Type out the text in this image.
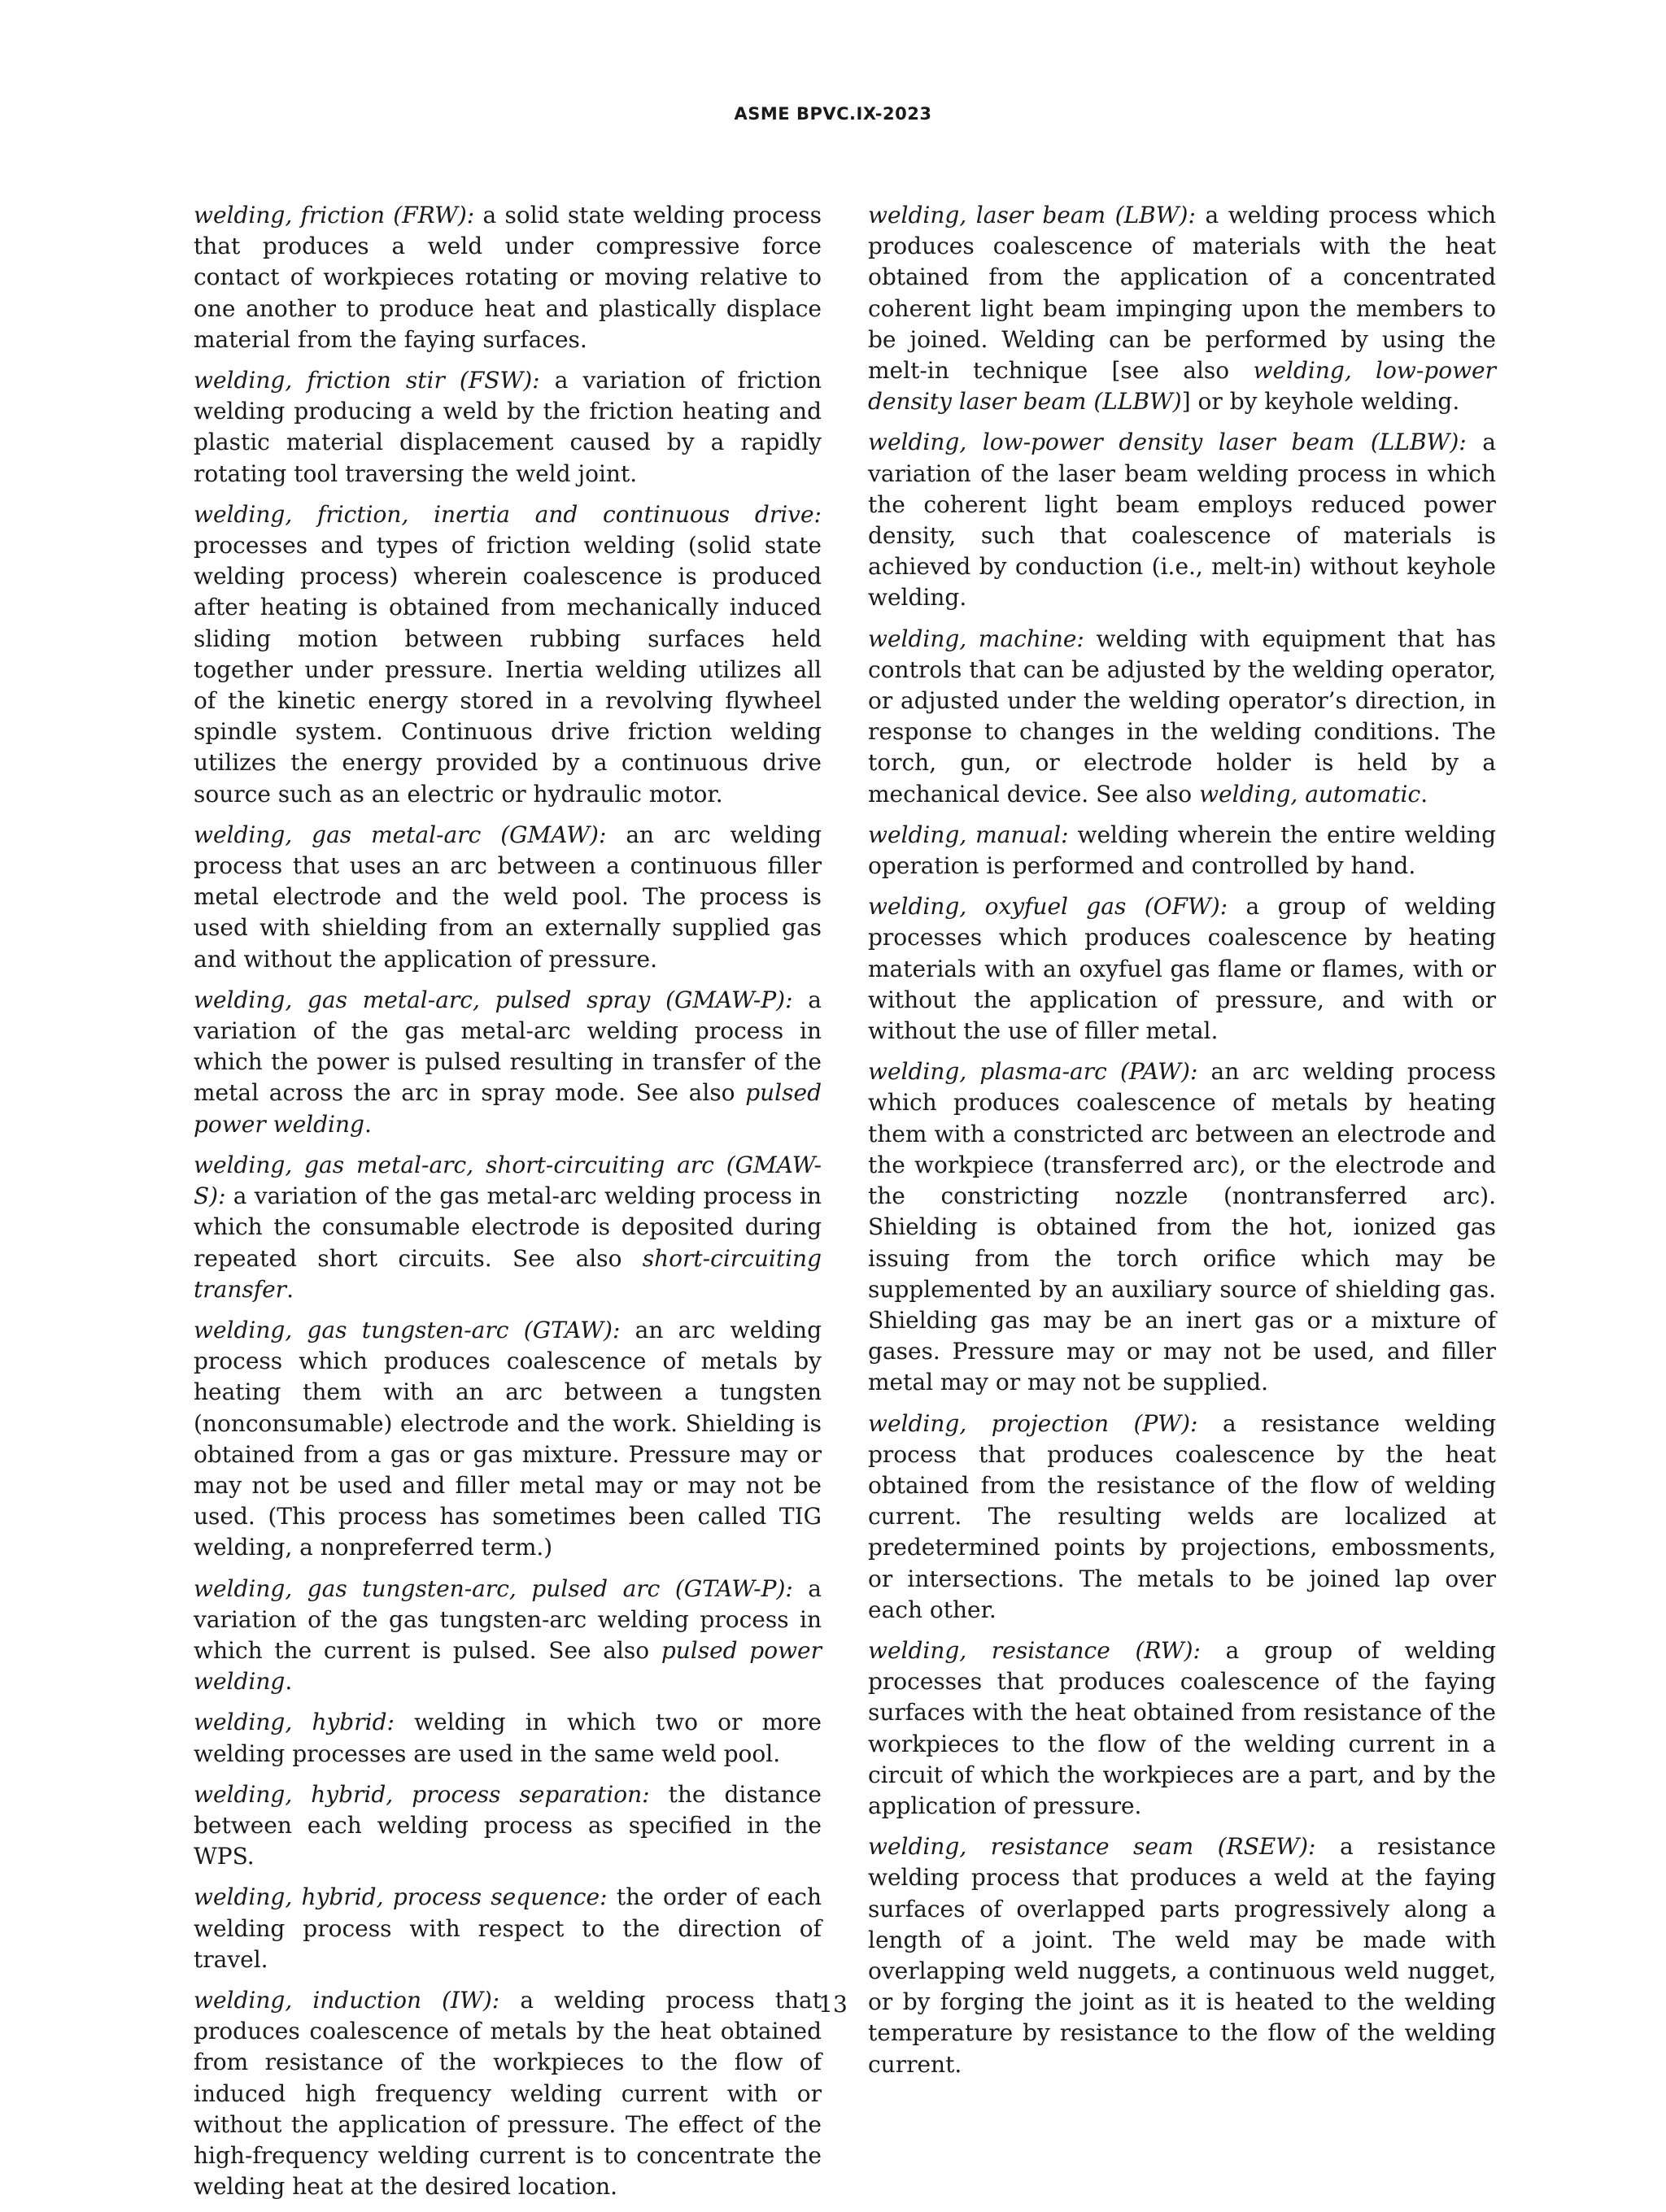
ASME BPVC.IX-2023

welding, friction (FRW): a solid state welding process that produces a weld under compressive force contact of workpieces rotating or moving relative to one another to produce heat and plastically displace material from the faying surfaces.

welding, friction stir (FSW): a variation of friction welding producing a weld by the friction heating and plastic material displacement caused by a rapidly rotating tool traversing the weld joint.

welding, friction, inertia and continuous drive: processes and types of friction welding (solid state welding process) wherein coalescence is produced after heating is obtained from mechanically induced sliding motion between rubbing surfaces held together under pressure. Inertia welding utilizes all of the kinetic energy stored in a revolving flywheel spindle system. Continuous drive friction welding utilizes the energy provided by a continuous drive source such as an electric or hydraulic motor.

welding, gas metal-arc (GMAW): an arc welding process that uses an arc between a continuous filler metal electrode and the weld pool. The process is used with shielding from an externally supplied gas and without the application of pressure.

welding, gas metal-arc, pulsed spray (GMAW-P): a variation of the gas metal-arc welding process in which the power is pulsed resulting in transfer of the metal across the arc in spray mode. See also pulsed power welding.

welding, gas metal-arc, short-circuiting arc (GMAW-S): a variation of the gas metal-arc welding process in which the consumable electrode is deposited during repeated short circuits. See also short-circuiting transfer.

welding, gas tungsten-arc (GTAW): an arc welding process which produces coalescence of metals by heating them with an arc between a tungsten (nonconsumable) electrode and the work. Shielding is obtained from a gas or gas mixture. Pressure may or may not be used and filler metal may or may not be used. (This process has sometimes been called TIG welding, a nonpreferred term.)

welding, gas tungsten-arc, pulsed arc (GTAW-P): a variation of the gas tungsten-arc welding process in which the current is pulsed. See also pulsed power welding.

welding, hybrid: welding in which two or more welding processes are used in the same weld pool.

welding, hybrid, process separation: the distance between each welding process as specified in the WPS.

welding, hybrid, process sequence: the order of each welding process with respect to the direction of travel.

welding, induction (IW): a welding process that produces coalescence of metals by the heat obtained from resistance of the workpieces to the flow of induced high frequency welding current with or without the application of pressure. The effect of the high-frequency welding current is to concentrate the welding heat at the desired location.

welding, laser beam (LBW): a welding process which produces coalescence of materials with the heat obtained from the application of a concentrated coherent light beam impinging upon the members to be joined. Welding can be performed by using the melt-in technique [see also welding, low-power density laser beam (LLBW)] or by keyhole welding.

welding, low-power density laser beam (LLBW): a variation of the laser beam welding process in which the coherent light beam employs reduced power density, such that coalescence of materials is achieved by conduction (i.e., melt-in) without keyhole welding.

welding, machine: welding with equipment that has controls that can be adjusted by the welding operator, or adjusted under the welding operator’s direction, in response to changes in the welding conditions. The torch, gun, or electrode holder is held by a mechanical device. See also welding, automatic.

welding, manual: welding wherein the entire welding operation is performed and controlled by hand.

welding, oxyfuel gas (OFW): a group of welding processes which produces coalescence by heating materials with an oxyfuel gas flame or flames, with or without the application of pressure, and with or without the use of filler metal.

welding, plasma-arc (PAW): an arc welding process which produces coalescence of metals by heating them with a constricted arc between an electrode and the workpiece (transferred arc), or the electrode and the constricting nozzle (nontransferred arc). Shielding is obtained from the hot, ionized gas issuing from the torch orifice which may be supplemented by an auxiliary source of shielding gas. Shielding gas may be an inert gas or a mixture of gases. Pressure may or may not be used, and filler metal may or may not be supplied.

welding, projection (PW): a resistance welding process that produces coalescence by the heat obtained from the resistance of the flow of welding current. The resulting welds are localized at predetermined points by projections, embossments, or intersections. The metals to be joined lap over each other.

welding, resistance (RW): a group of welding processes that produces coalescence of the faying surfaces with the heat obtained from resistance of the workpieces to the flow of the welding current in a circuit of which the workpieces are a part, and by the application of pressure.

welding, resistance seam (RSEW): a resistance welding process that produces a weld at the faying surfaces of overlapped parts progressively along a length of a joint. The weld may be made with overlapping weld nuggets, a continuous weld nugget, or by forging the joint as it is heated to the welding temperature by resistance to the flow of the welding current.

13
